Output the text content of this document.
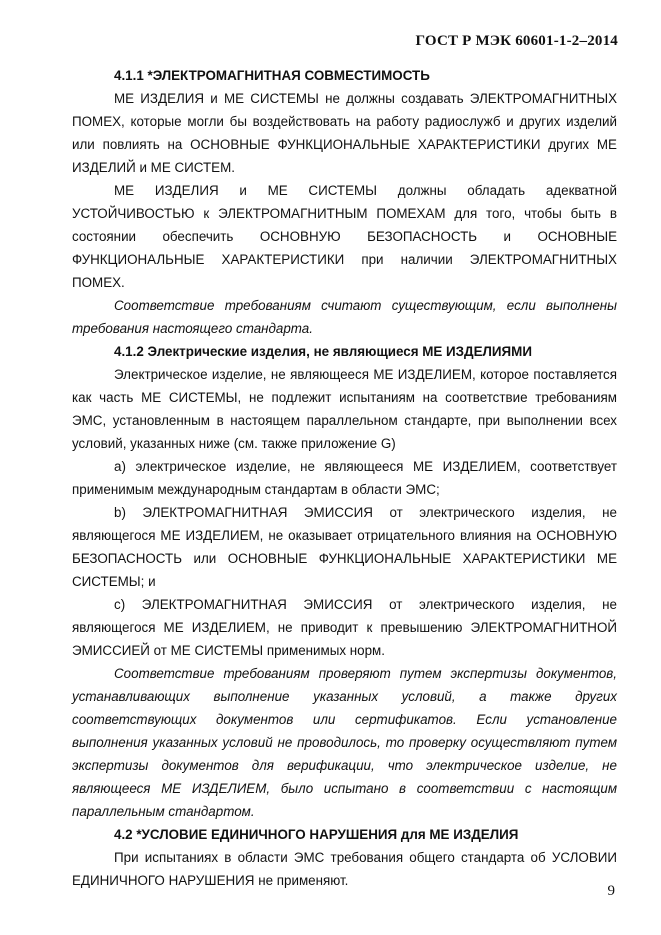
ГОСТ Р МЭК 60601-1-2–2014

4.1.1 *ЭЛЕКТРОМАГНИТНАЯ СОВМЕСТИМОСТЬ

МЕ ИЗДЕЛИЯ и МЕ СИСТЕМЫ не должны создавать ЭЛЕКТРОМАГНИТНЫХ ПОМЕХ, которые могли бы воздействовать на работу радиослужб и других изделий или повлиять на ОСНОВНЫЕ ФУНКЦИОНАЛЬНЫЕ ХАРАКТЕРИСТИКИ других МЕ ИЗДЕЛИЙ и МЕ СИСТЕМ.

МЕ ИЗДЕЛИЯ и МЕ СИСТЕМЫ должны обладать адекватной УСТОЙЧИВОСТЬЮ к ЭЛЕКТРОМАГНИТНЫМ ПОМЕХАМ для того, чтобы быть в состоянии обеспечить ОСНОВНУЮ БЕЗОПАСНОСТЬ и ОСНОВНЫЕ ФУНКЦИОНАЛЬНЫЕ ХАРАКТЕРИСТИКИ при наличии ЭЛЕКТРОМАГНИТНЫХ ПОМЕХ.

Соответствие требованиям считают существующим, если выполнены требования настоящего стандарта.

4.1.2 Электрические изделия, не являющиеся МЕ ИЗДЕЛИЯМИ

Электрическое изделие, не являющееся МЕ ИЗДЕЛИЕМ, которое поставляется как часть МЕ СИСТЕМЫ, не подлежит испытаниям на соответствие требованиям ЭМС, установленным в настоящем параллельном стандарте, при выполнении всех условий, указанных ниже (см. также приложение G)

а) электрическое изделие, не являющееся МЕ ИЗДЕЛИЕМ, соответствует применимым международным стандартам в области ЭМС;

b) ЭЛЕКТРОМАГНИТНАЯ ЭМИССИЯ от электрического изделия, не являющегося МЕ ИЗДЕЛИЕМ, не оказывает отрицательного влияния на ОСНОВНУЮ БЕЗОПАСНОСТЬ или ОСНОВНЫЕ ФУНКЦИОНАЛЬНЫЕ ХАРАКТЕРИСТИКИ МЕ СИСТЕМЫ; и

с) ЭЛЕКТРОМАГНИТНАЯ ЭМИССИЯ от электрического изделия, не являющегося МЕ ИЗДЕЛИЕМ, не приводит к превышению ЭЛЕКТРОМАГНИТНОЙ ЭМИССИЕЙ от МЕ СИСТЕМЫ применимых норм.

Соответствие требованиям проверяют путем экспертизы документов, устанавливающих выполнение указанных условий, а также других соответствующих документов или сертификатов. Если установление выполнения указанных условий не проводилось, то проверку осуществляют путем экспертизы документов для верификации, что электрическое изделие, не являющееся МЕ ИЗДЕЛИЕМ, было испытано в соответствии с настоящим параллельным стандартом.

4.2 *УСЛОВИЕ ЕДИНИЧНОГО НАРУШЕНИЯ для МЕ ИЗДЕЛИЯ

При испытаниях в области ЭМС требования общего стандарта об УСЛОВИИ ЕДИНИЧНОГО НАРУШЕНИЯ не применяют.

9
